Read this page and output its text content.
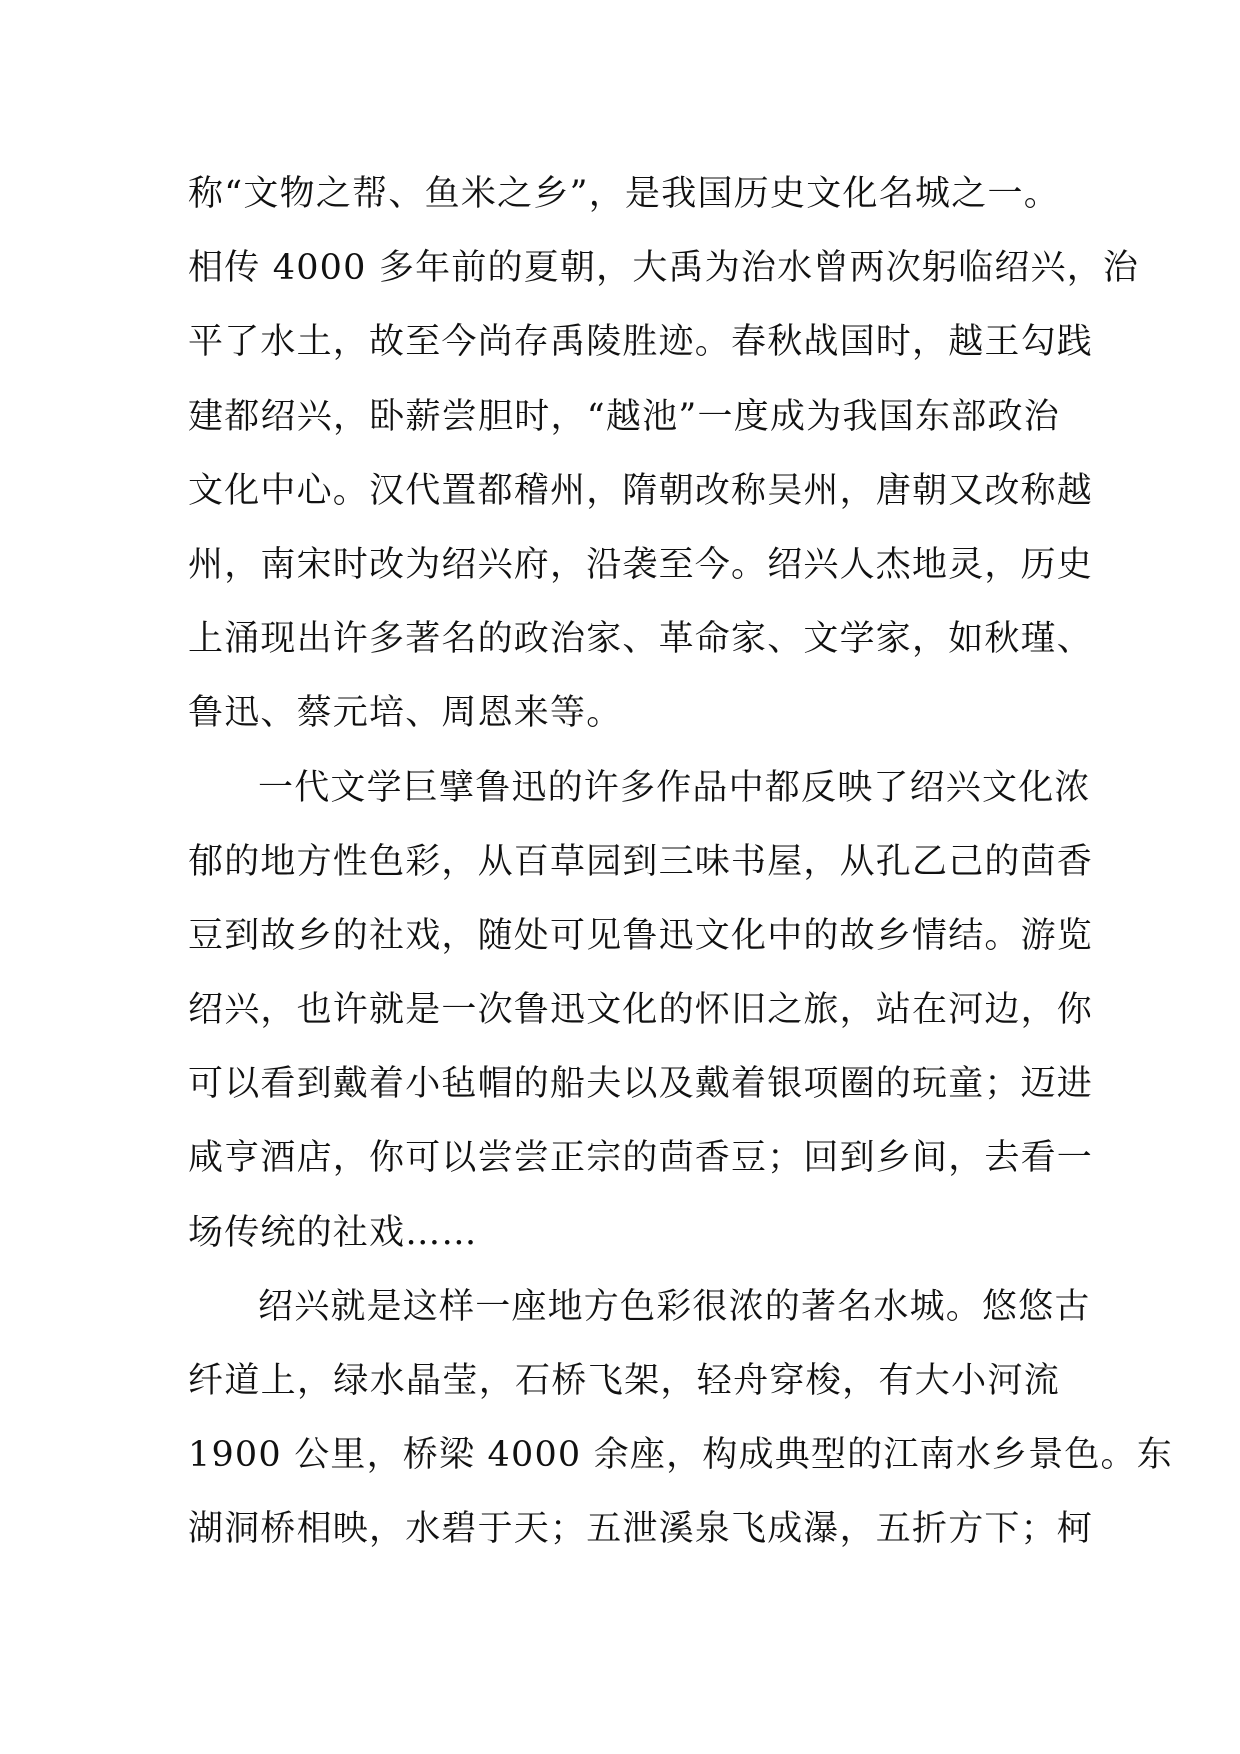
称“文物之帮、鱼米之乡”，是我国历史文化名城之一。
相传 4000 多年前的夏朝，大禹为治水曾两次躬临绍兴，治
平了水土，故至今尚存禹陵胜迹。春秋战国时，越王勾践
建都绍兴，卧薪尝胆时，“越池”一度成为我国东部政治
文化中心。汉代置都稽州，隋朝改称吴州，唐朝又改称越
州，南宋时改为绍兴府，沿袭至今。绍兴人杰地灵，历史
上涌现出许多著名的政治家、革命家、文学家，如秋瑾、
鲁迅、蔡元培、周恩来等。
一代文学巨擘鲁迅的许多作品中都反映了绍兴文化浓
郁的地方性色彩，从百草园到三味书屋，从孔乙己的茴香
豆到故乡的社戏，随处可见鲁迅文化中的故乡情结。游览
绍兴，也许就是一次鲁迅文化的怀旧之旅，站在河边，你
可以看到戴着小毡帽的船夫以及戴着银项圈的玩童；迈进
咸亨酒店，你可以尝尝正宗的茴香豆；回到乡间，去看一
场传统的社戏……
绍兴就是这样一座地方色彩很浓的著名水城。悠悠古
纤道上，绿水晶莹，石桥飞架，轻舟穿梭，有大小河流
1900 公里，桥梁 4000 余座，构成典型的江南水乡景色。东
湖洞桥相映，水碧于天；五泄溪泉飞成瀑，五折方下；柯
